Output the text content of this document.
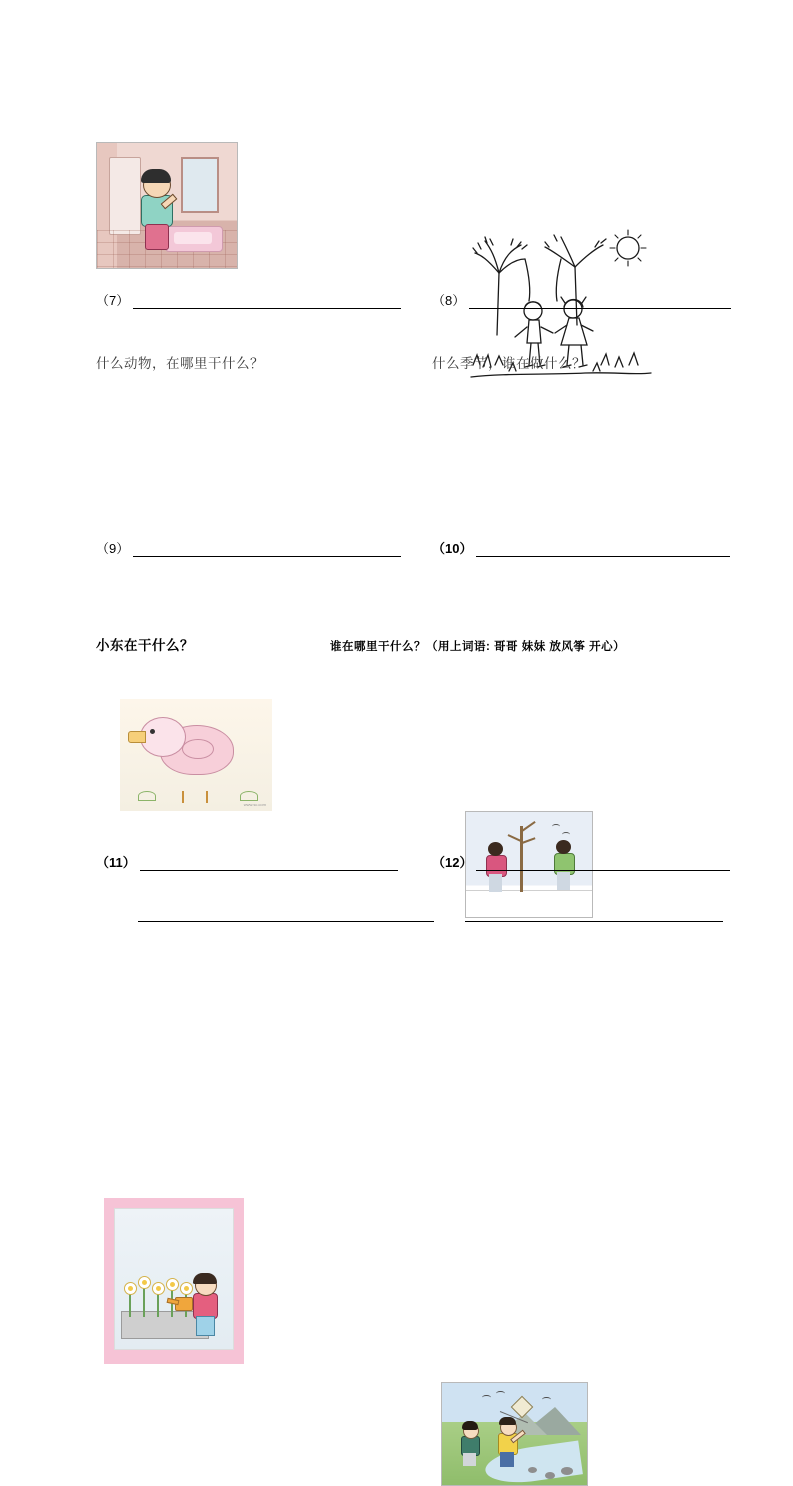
（7）	（8）
什么动物，在哪里干什么？	什么季节，谁在做什么？
www.sc.com
（9）	（10）
小东在干什么？	谁在哪里干什么？（用上词语: 哥哥 妹妹 放风筝 开心）
（11）	（12）
